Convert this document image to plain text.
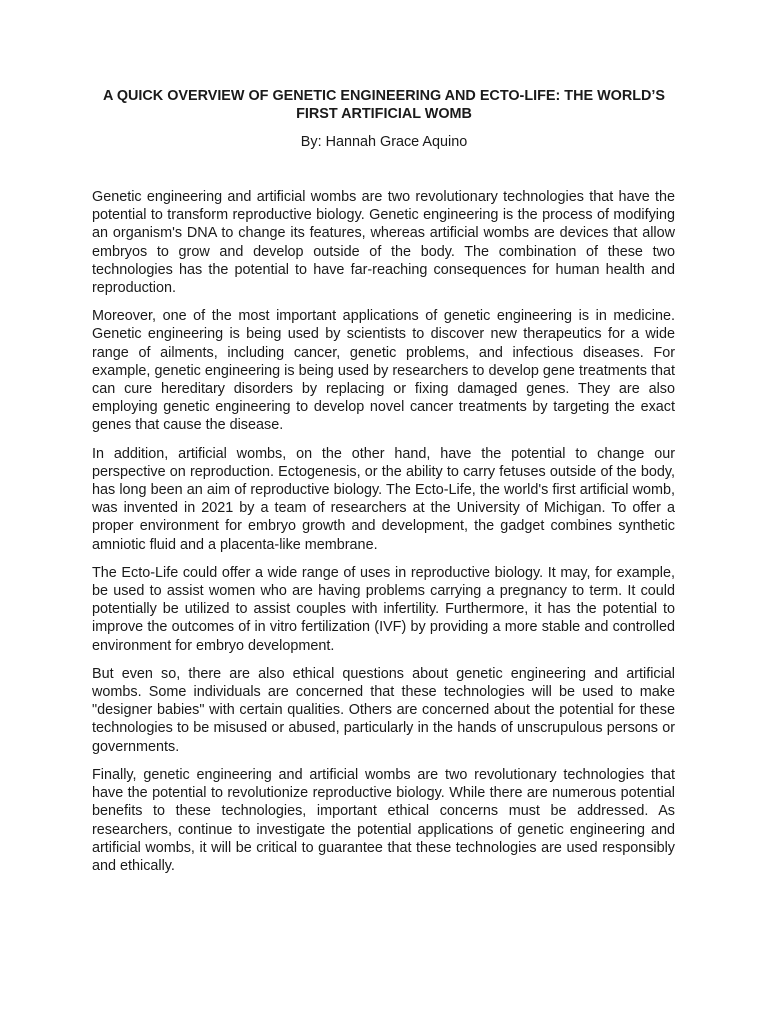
A QUICK OVERVIEW OF GENETIC ENGINEERING AND ECTO-LIFE: THE WORLD’S FIRST ARTIFICIAL WOMB

By: Hannah Grace Aquino

Genetic engineering and artificial wombs are two revolutionary technologies that have the potential to transform reproductive biology. Genetic engineering is the process of modifying an organism's DNA to change its features, whereas artificial wombs are devices that allow embryos to grow and develop outside of the body. The combination of these two technologies has the potential to have far-reaching consequences for human health and reproduction.

Moreover, one of the most important applications of genetic engineering is in medicine. Genetic engineering is being used by scientists to discover new therapeutics for a wide range of ailments, including cancer, genetic problems, and infectious diseases. For example, genetic engineering is being used by researchers to develop gene treatments that can cure hereditary disorders by replacing or fixing damaged genes. They are also employing genetic engineering to develop novel cancer treatments by targeting the exact genes that cause the disease.

In addition, artificial wombs, on the other hand, have the potential to change our perspective on reproduction. Ectogenesis, or the ability to carry fetuses outside of the body, has long been an aim of reproductive biology. The Ecto-Life, the world's first artificial womb, was invented in 2021 by a team of researchers at the University of Michigan. To offer a proper environment for embryo growth and development, the gadget combines synthetic amniotic fluid and a placenta-like membrane.

The Ecto-Life could offer a wide range of uses in reproductive biology. It may, for example, be used to assist women who are having problems carrying a pregnancy to term. It could potentially be utilized to assist couples with infertility. Furthermore, it has the potential to improve the outcomes of in vitro fertilization (IVF) by providing a more stable and controlled environment for embryo development.

But even so, there are also ethical questions about genetic engineering and artificial wombs. Some individuals are concerned that these technologies will be used to make "designer babies" with certain qualities. Others are concerned about the potential for these technologies to be misused or abused, particularly in the hands of unscrupulous persons or governments.

Finally, genetic engineering and artificial wombs are two revolutionary technologies that have the potential to revolutionize reproductive biology. While there are numerous potential benefits to these technologies, important ethical concerns must be addressed. As researchers, continue to investigate the potential applications of genetic engineering and artificial wombs, it will be critical to guarantee that these technologies are used responsibly and ethically.
